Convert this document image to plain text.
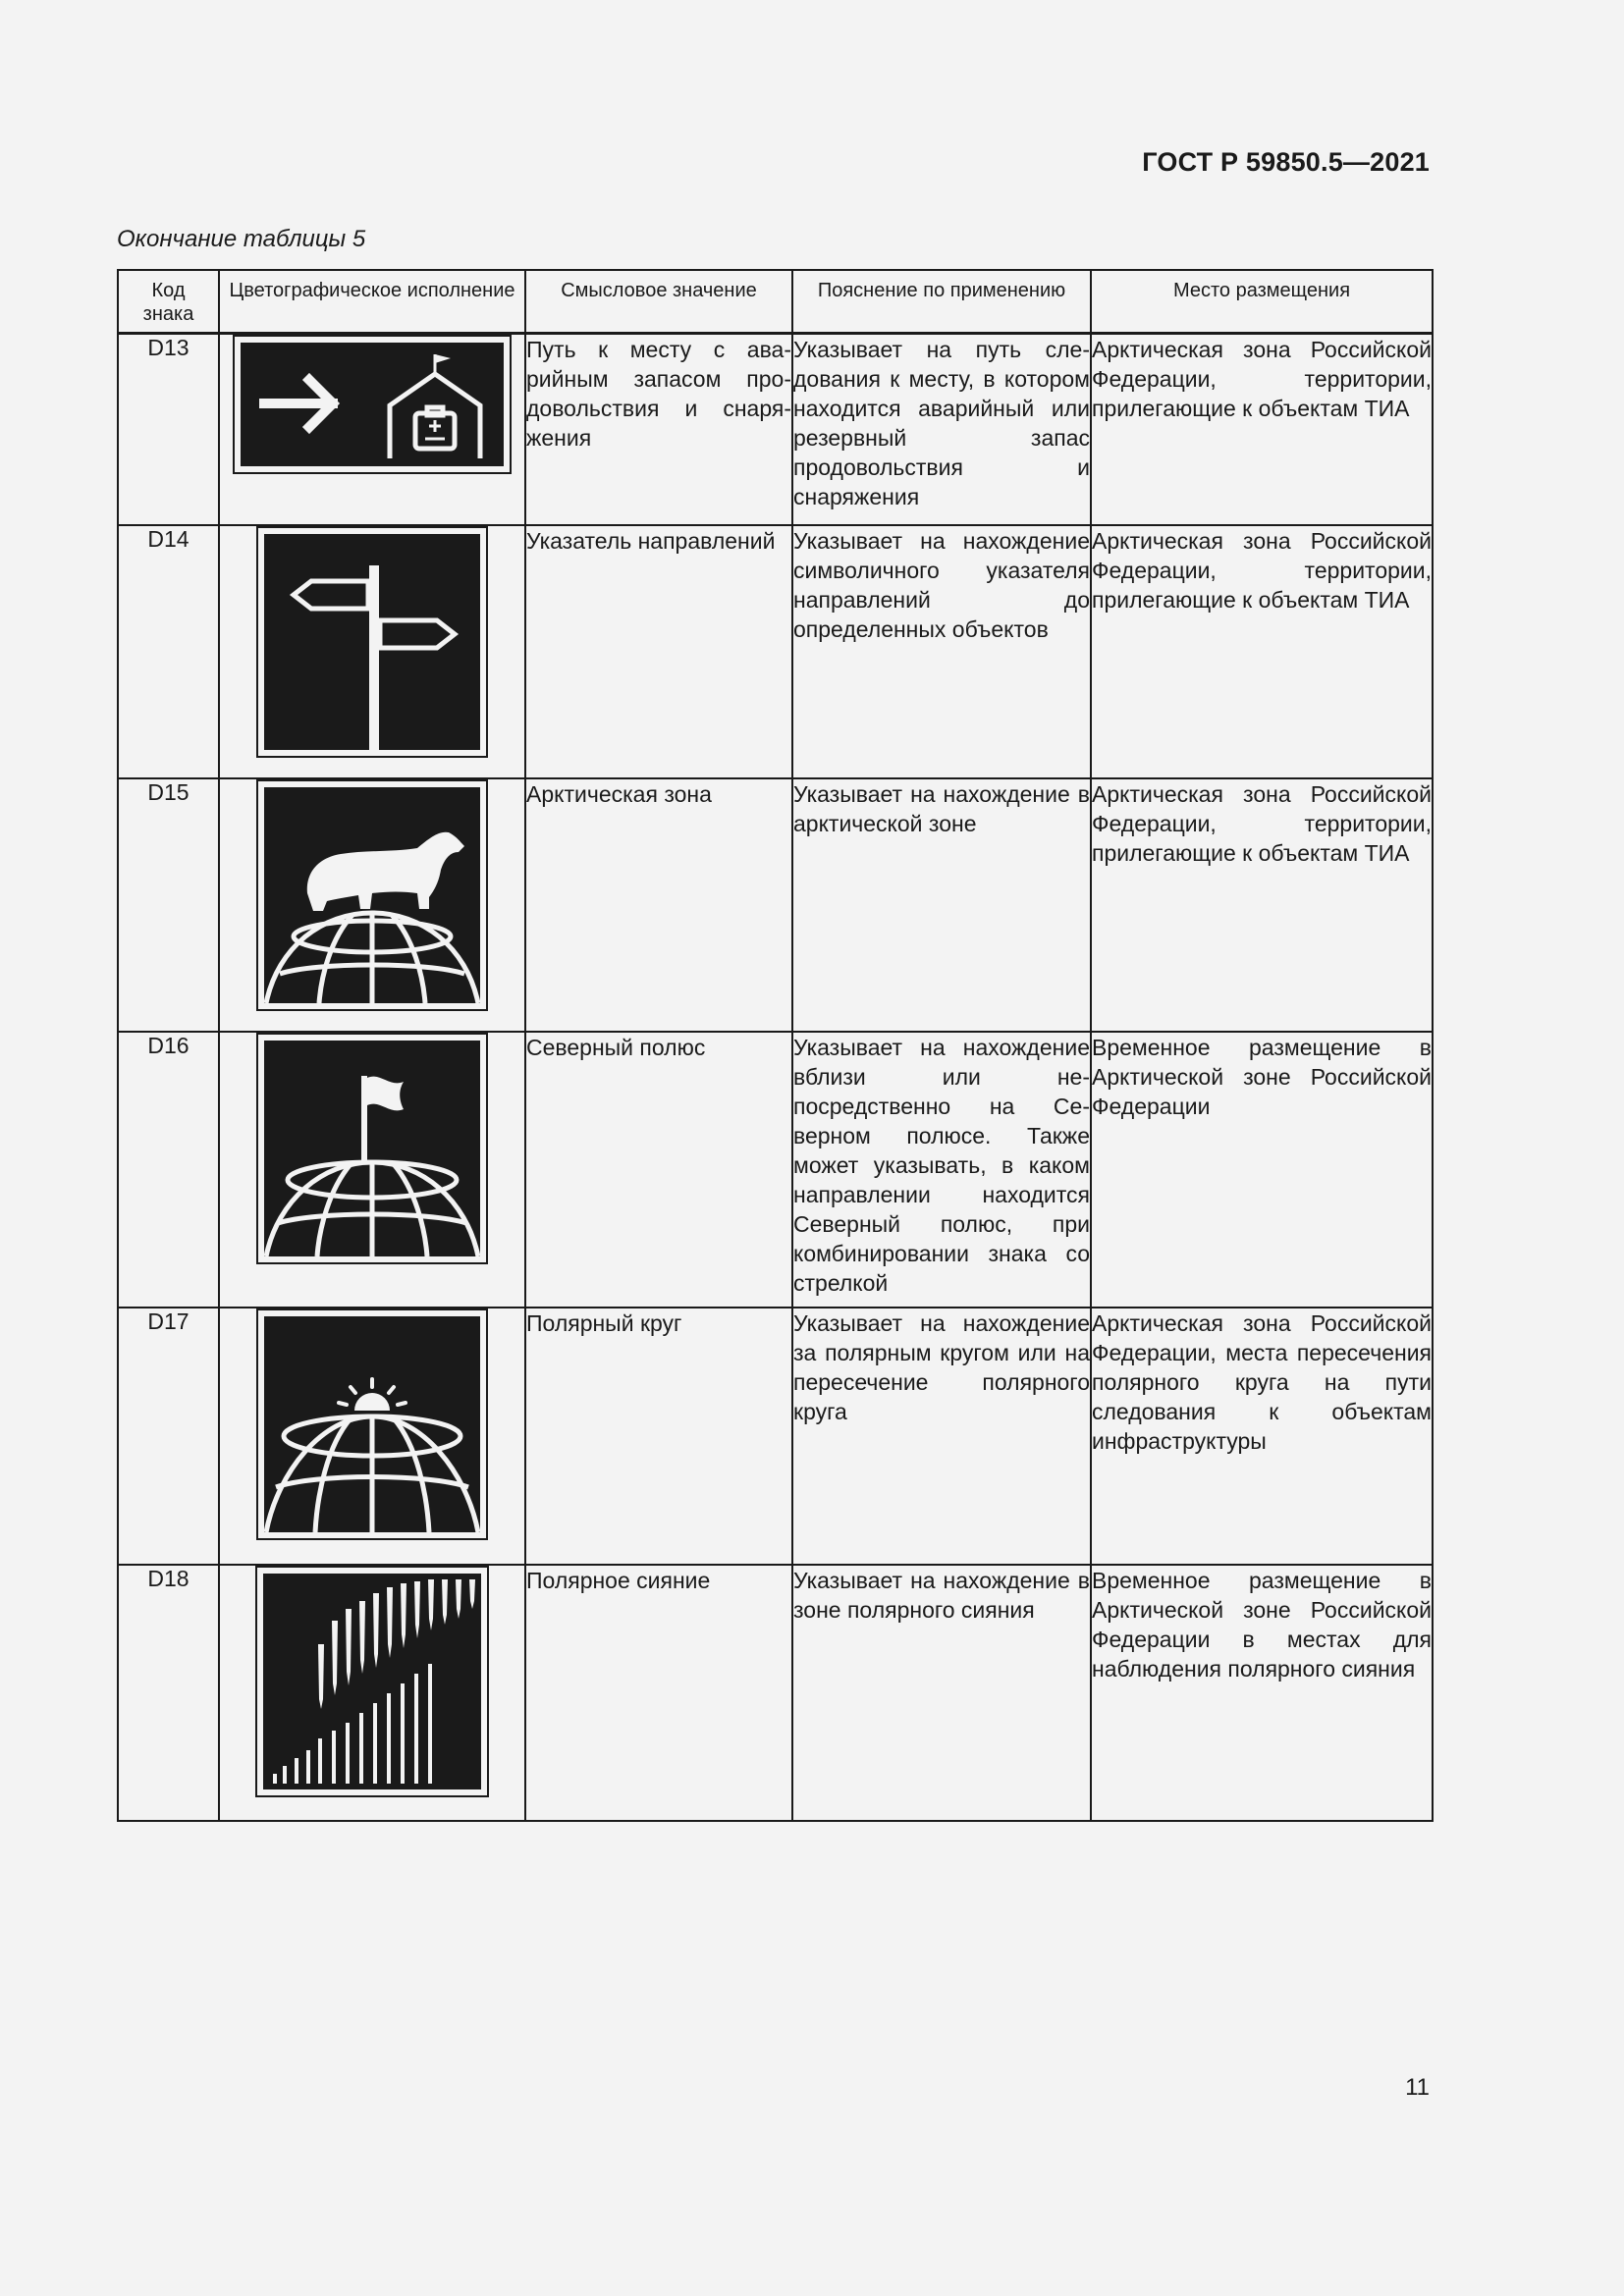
ГОСТ Р 59850.5—2021
Окончание таблицы 5
Код знака	Цветографическое исполнение	Смысловое значение	Пояснение по применению	Место размещения
D13		Путь к месту с аварийным запасом продовольствия и снаряжения	Указывает на путь следования к месту, в котором находится аварийный или резервный запас продовольствия и снаряжения	Арктическая зона Российской Федерации, территории, прилегающие к объектам ТИА
D14		Указатель направлений	Указывает на нахождение символичного указателя направлений до определенных объектов	Арктическая зона Российской Федерации, территории, прилегающие к объектам ТИА
D15		Арктическая зона	Указывает на нахождение в арктической зоне	Арктическая зона Российской Федерации, территории, прилегающие к объектам ТИА
D16		Северный полюс	Указывает на нахождение вблизи или непосредственно на Северном полюсе. Также может указывать, в каком направлении находится Северный полюс, при комбинировании знака со стрелкой	Временное размещение в Арктической зоне Российской Федерации
D17		Полярный круг	Указывает на нахождение за полярным кругом или на пересечение полярного круга	Арктическая зона Российской Федерации, места пересечения полярного круга на пути следования к объектам инфраструктуры
D18		Полярное сияние	Указывает на нахождение в зоне полярного сияния	Временное размещение в Арктической зоне Российской Федерации в местах для наблюдения полярного сияния
11
